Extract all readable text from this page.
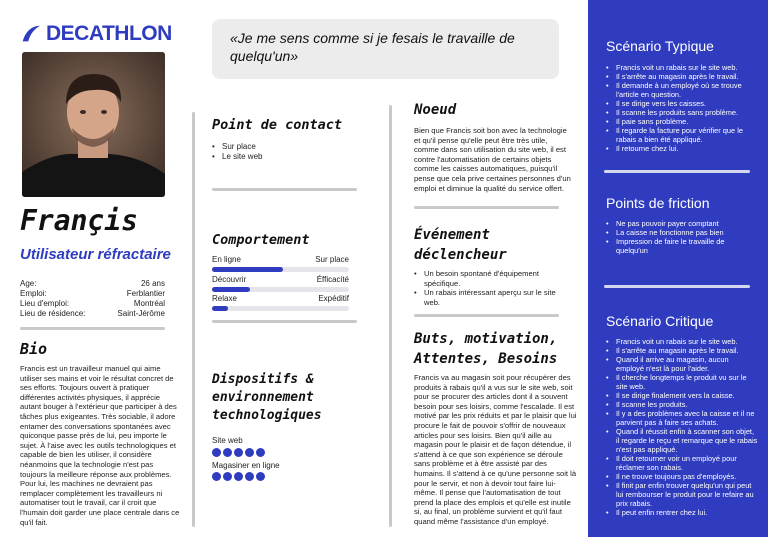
DECATHLON
Françis
Utilisateur réfractaire
Age:	26 ans
Emploi:	Ferblantier
Lieu d'emploi:	Montréal
Lieu de résidence:	Saint-Jérôme
Bio
Francis est un travailleur manuel qui aime utiliser ses mains et voir le résultat concret de ses efforts. Toujours ouvert à pratiquer différentes activités physiques, il apprécie autant bouger à l'extérieur que participer à des tâches plus exigeantes. Très sociable, il adore entamer des conversations spontanées avec quiconque passe près de lui, peu importe le sujet. À l'aise avec les outils technologiques et capable de bien les utiliser, il considère néanmoins que la technologie n'est pas toujours la meilleure réponse aux problèmes. Pour lui, les machines ne devraient pas remplacer complètement les travailleurs ni automatiser tout le travail, car il croit que l'humain doit garder une place centrale dans ce qu'il fait.
«Je me sens comme si je fesais le travaille de quelqu'un»
Point de contact
• Sur place
• Le site web
Comportement
En ligne	Sur place
Découvrir	Éfficacité
Relaxe	Expéditif
Dispositifs & environnement technologiques
Site web
Magasiner en ligne
Noeud
Bien que Francis soit bon avec la technologie et qu'il pense qu'elle peut être très utile, comme dans son utilisation du site web, il est contre l'automatisation de certains objets comme les caisses automatiques, puisqu'il pense que cela prive certaines personnes d'un emploi et diminue la qualité du service offert.
Événement déclencheur
• Un besoin spontané d'équipement spécifique.
• Un rabais intéressant aperçu sur le site web.
Buts, motivation, Attentes, Besoins
Francis va au magasin soit pour récupérer des produits à rabais qu'il a vus sur le site web, soit pour se procurer des articles dont il a souvent besoin pour ses loisirs, comme l'escalade. Il est motivé par les prix réduits et par le plaisir que lui procure le fait de pouvoir s'offrir de nouveaux articles pour ses loisirs. Bien qu'il aille au magasin pour le plaisir et de façon détendue, il s'attend à ce que son expérience se déroule sans problème et à être assisté par des humains. Il s'attend à ce qu'une personne soit là pour le servir, et non à devoir tout faire lui-même. Il pense que l'automatisation de tout prend la place des emplois et qu'elle est inutile si, au final, un problème survient et qu'il faut quand même l'assistance d'un employé.
Scénario Typique
• Francis voit un rabais sur le site web.
• Il s'arrête au magasin après le travail.
• Il demande à un employé où se trouve l'article en question.
• Il se dirige vers les caisses.
• Il scanne les produits sans problème.
• Il paie sans problème.
• Il regarde la facture pour vérifier que le rabais a bien été appliqué.
• Il retourne chez lui.
Points de friction
• Ne pas pouvoir payer comptant
• La caisse ne fonctionne pas bien
• Impression de faire le travaille de quelqu'un
Scénario Critique
• Francis voit un rabais sur le site web.
• Il s'arrête au magasin après le travail.
• Quand il arrive au magasin, aucun employé n'est là pour l'aider.
• Il cherche longtemps le produit vu sur le site web.
• Il se dirige finalement vers la caisse.
• Il scanne les produits.
• Il y a des problèmes avec la caisse et il ne parvient pas à faire ses achats.
• Quand il réussit enfin à scanner son objet, il regarde le reçu et remarque que le rabais n'est pas appliqué.
• Il doit retourner voir un employé pour réclamer son rabais.
• Il ne trouve toujours pas d'employés.
• Il finit par enfin trouver quelqu'un qui peut lui rembourser le produit pour le refaire au prix rabais.
• Il peut enfin rentrer chez lui.
